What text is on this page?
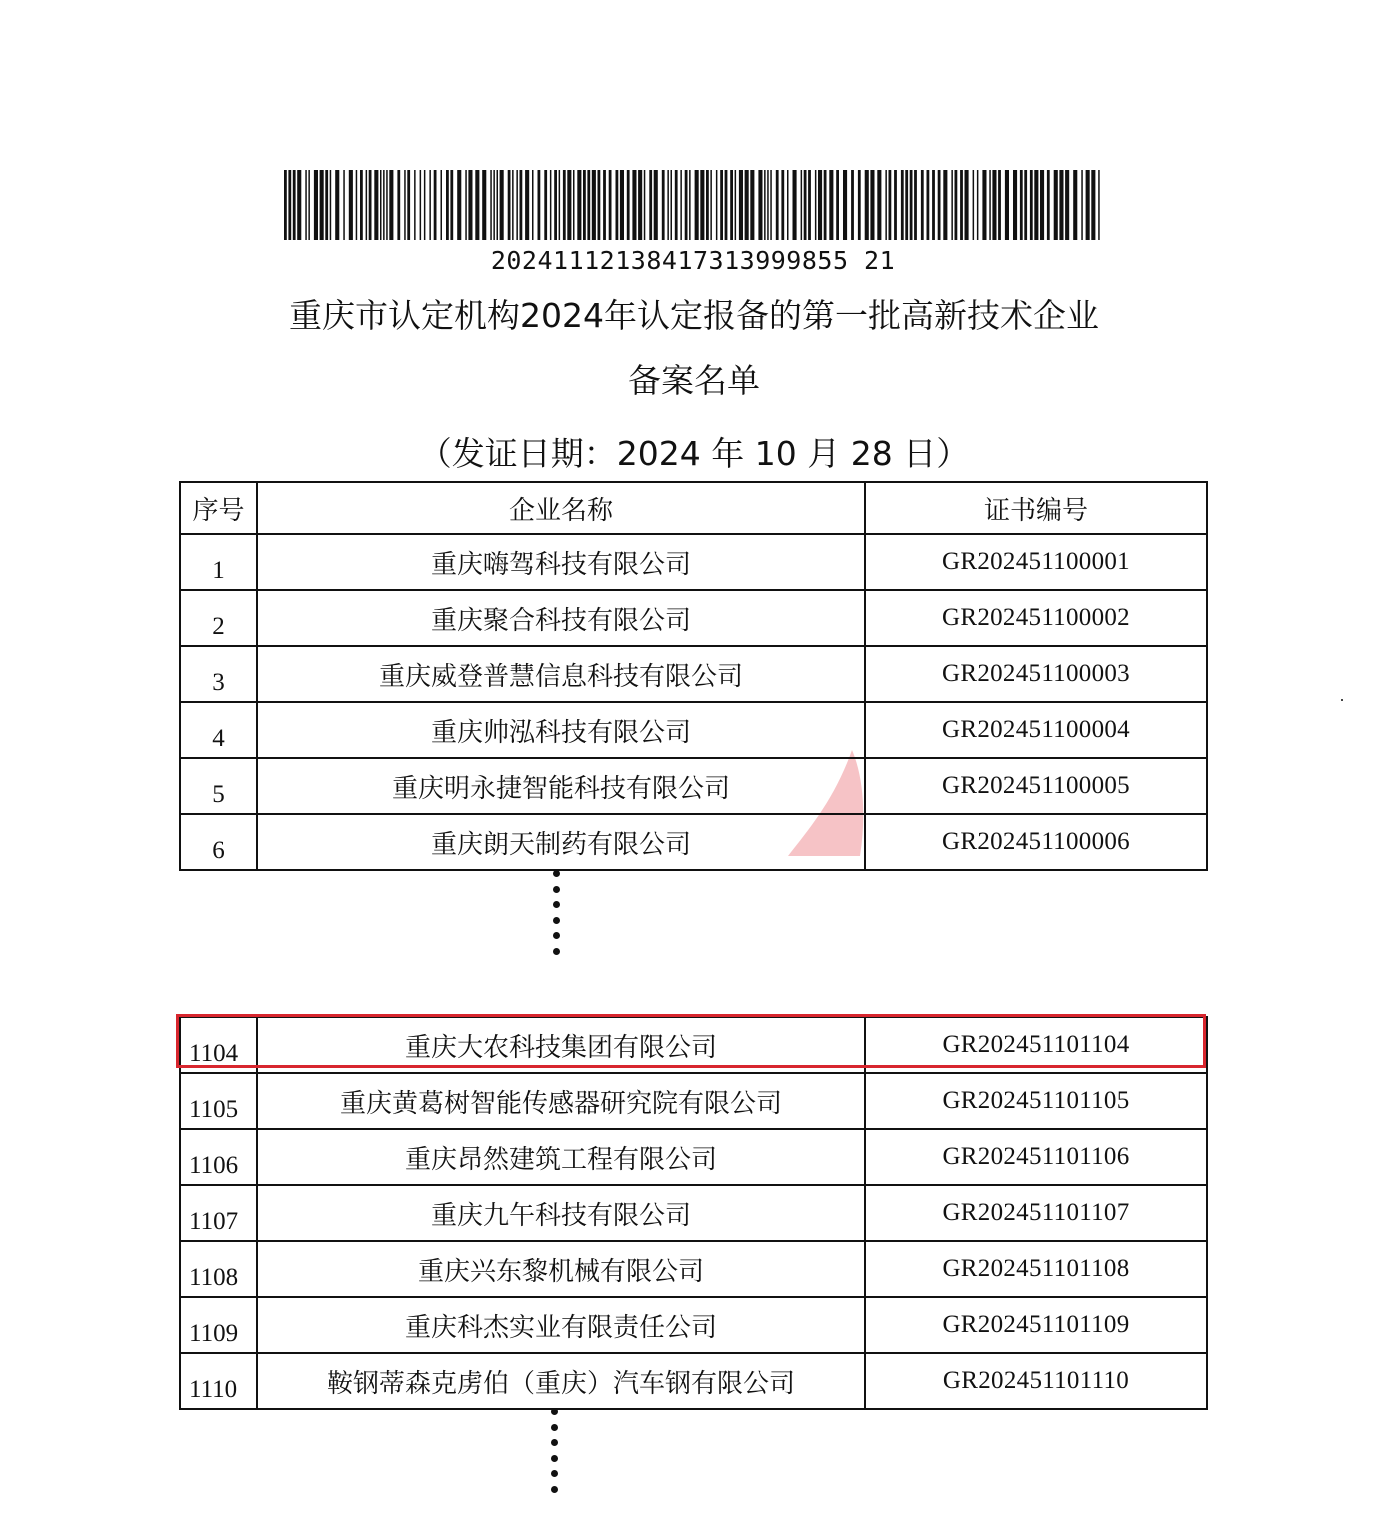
20241112138417313999855 21
重庆市认定机构2024年认定报备的第一批高新技术企业
备案名单
（发证日期：2024 年 10 月 28 日）
序号	企业名称	证书编号
1	重庆嗨驾科技有限公司	GR202451100001
2	重庆聚合科技有限公司	GR202451100002
3	重庆威登普慧信息科技有限公司	GR202451100003
4	重庆帅泓科技有限公司	GR202451100004
5	重庆明永捷智能科技有限公司	GR202451100005
6	重庆朗天制药有限公司	GR202451100006
1104	重庆大农科技集团有限公司	GR202451101104
1105	重庆黄葛树智能传感器研究院有限公司	GR202451101105
1106	重庆昂然建筑工程有限公司	GR202451101106
1107	重庆九午科技有限公司	GR202451101107
1108	重庆兴东黎机械有限公司	GR202451101108
1109	重庆科杰实业有限责任公司	GR202451101109
1110	鞍钢蒂森克虏伯（重庆）汽车钢有限公司	GR202451101110
